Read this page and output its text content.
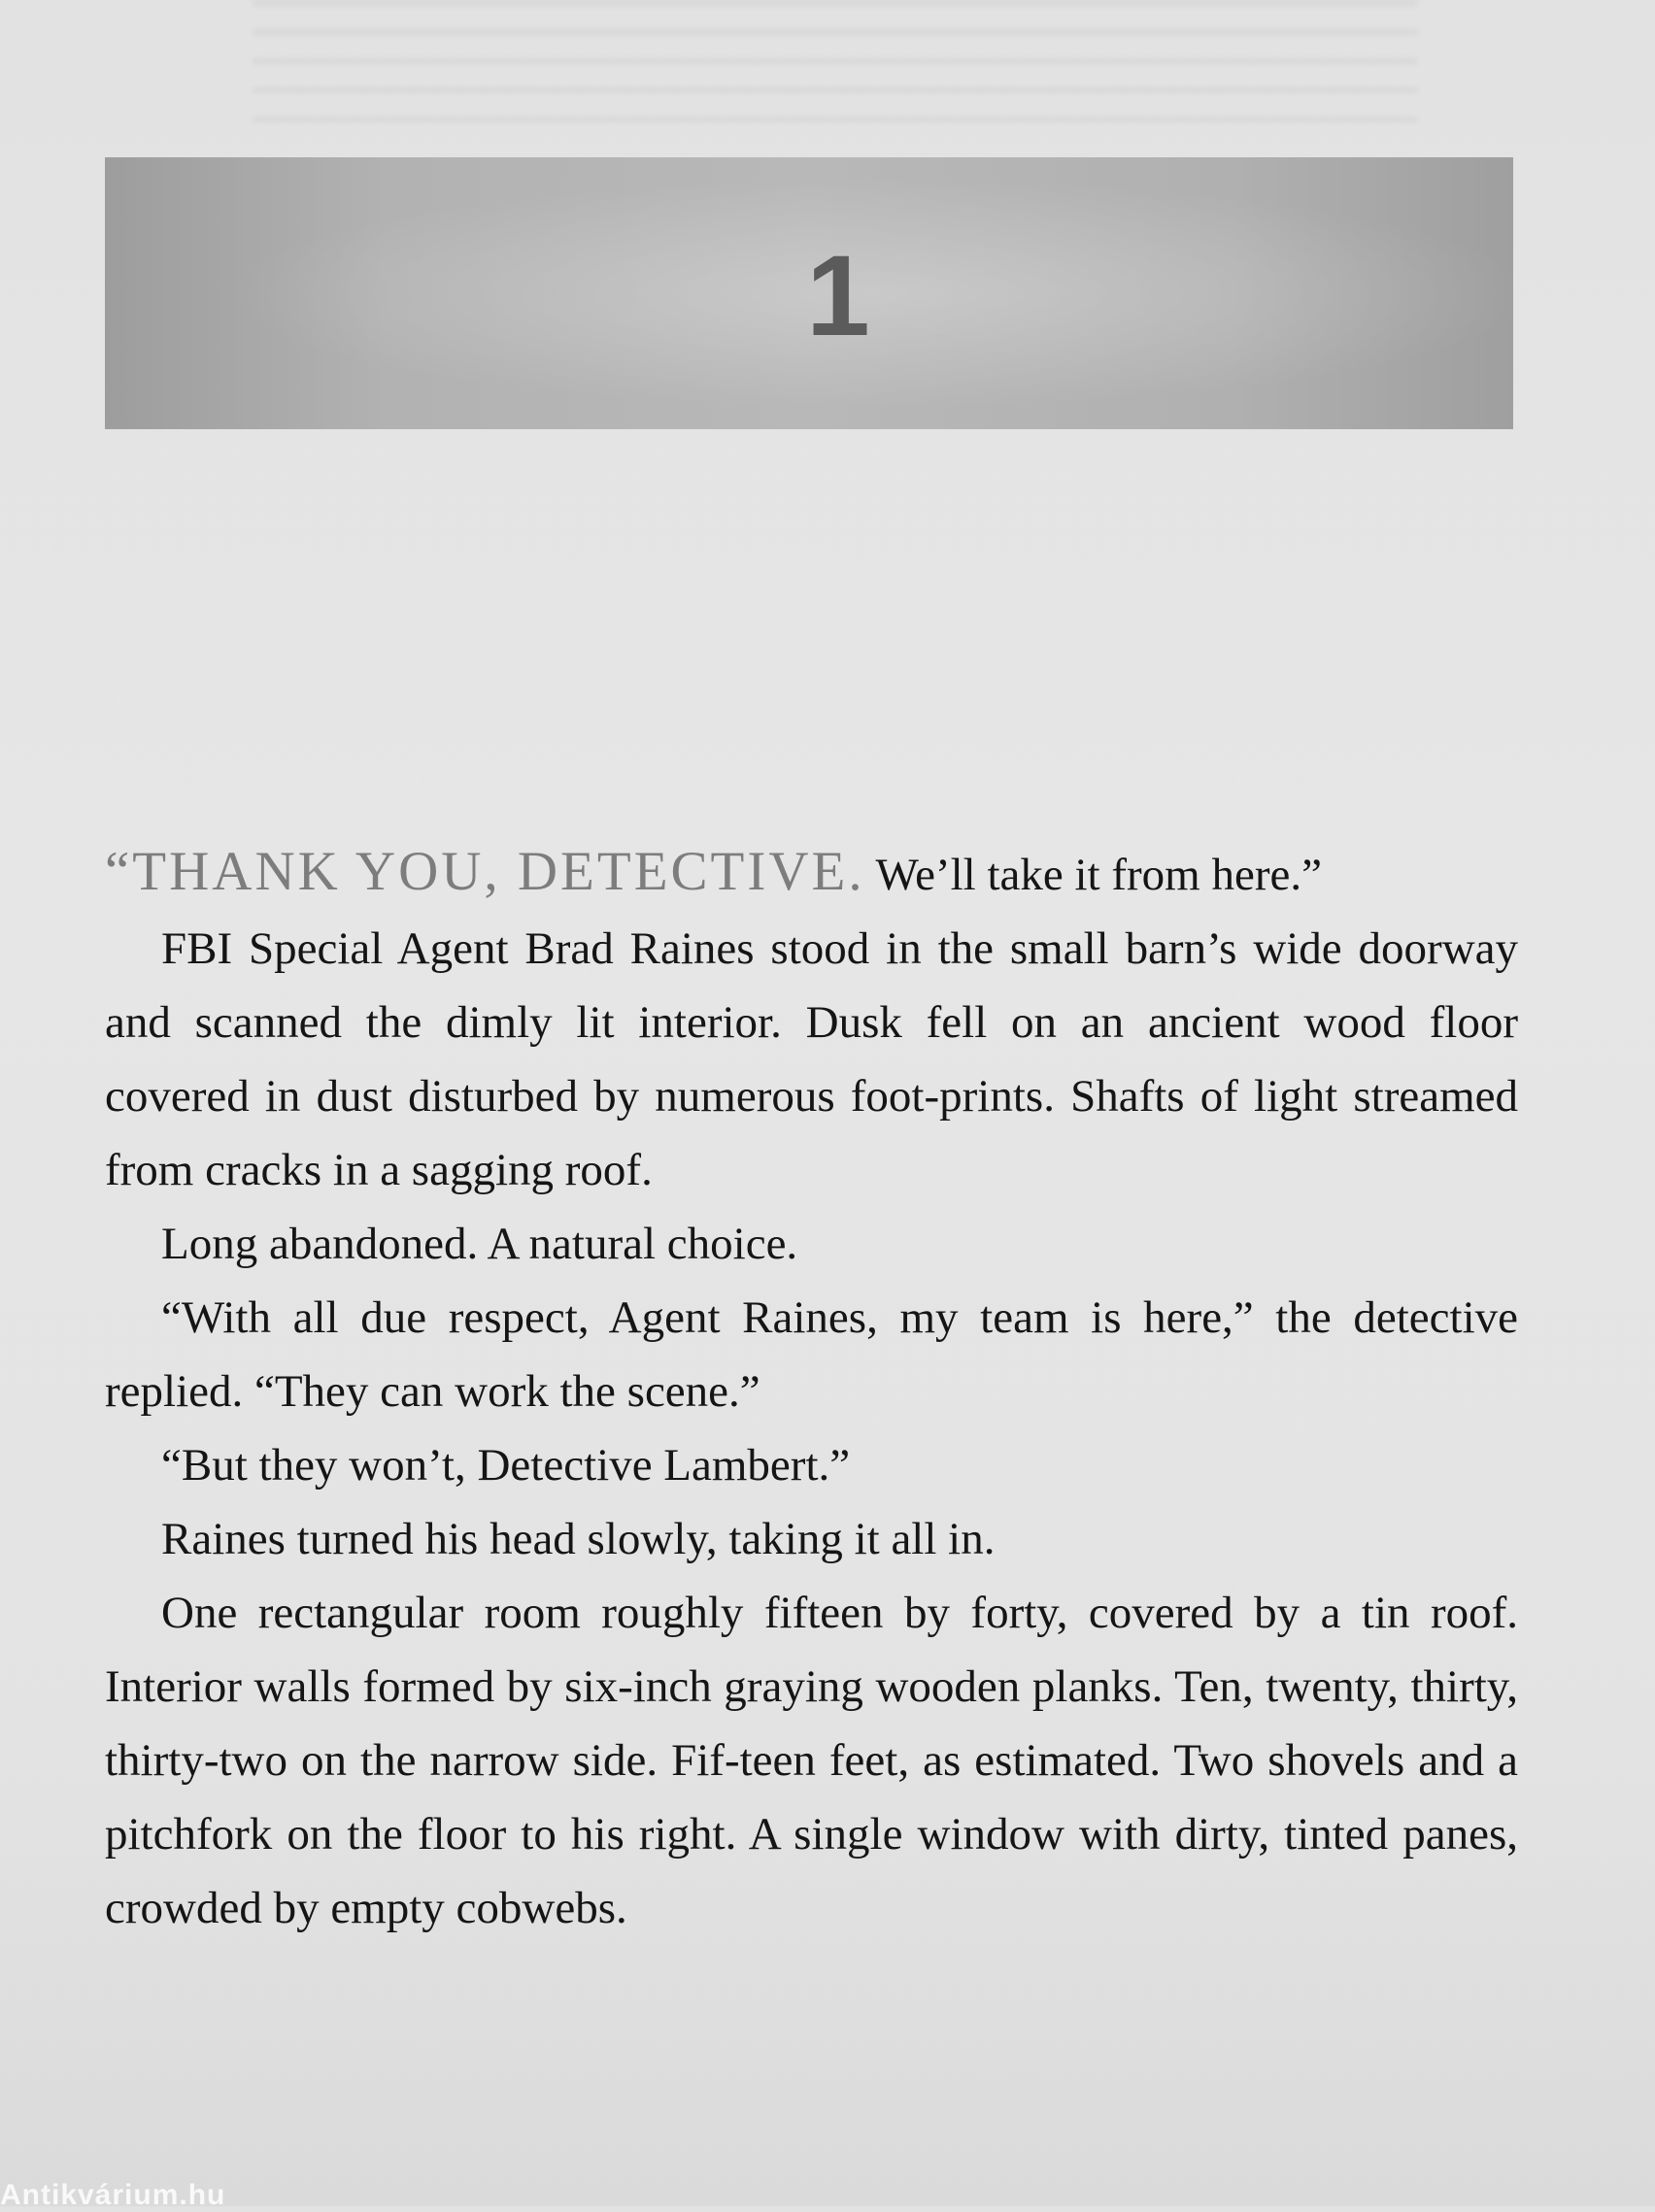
1

“THANK YOU, DETECTIVE. We’ll take it from here.”

FBI Special Agent Brad Raines stood in the small barn’s wide doorway and scanned the dimly lit interior. Dusk fell on an ancient wood floor covered in dust disturbed by numerous foot-prints. Shafts of light streamed from cracks in a sagging roof.

Long abandoned. A natural choice.

“With all due respect, Agent Raines, my team is here,” the detective replied. “They can work the scene.”

“But they won’t, Detective Lambert.”

Raines turned his head slowly, taking it all in.

One rectangular room roughly fifteen by forty, covered by a tin roof. Interior walls formed by six-inch graying wooden planks. Ten, twenty, thirty, thirty-two on the narrow side. Fif-teen feet, as estimated. Two shovels and a pitchfork on the floor to his right. A single window with dirty, tinted panes, crowded by empty cobwebs.

Antikvárium.hu
